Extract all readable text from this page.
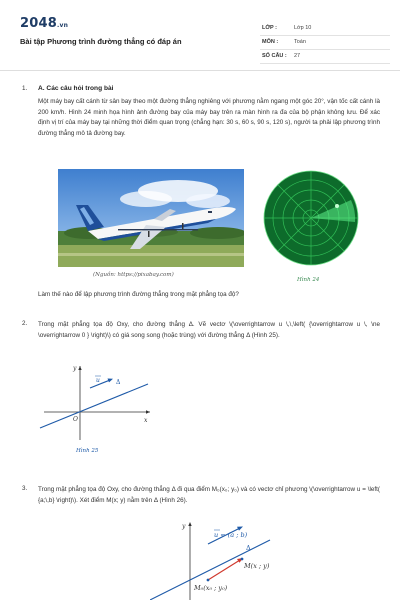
2048.vn
Bài tập Phương trình đường thẳng có đáp án
LỚP :	Lớp 10
MÔN :	Toán
SỐ CÂU : 27
1. A. Các câu hỏi trong bài
Một máy bay cất cánh từ sân bay theo một đường thẳng nghiêng với phương nằm ngang một góc 20°, vận tốc cất cánh là 200 km/h. Hình 24 minh họa hình ảnh đường bay của máy bay trên ra màn hình ra đa của bộ phận không lưu. Để xác định vị trí của máy bay tại những thời điểm quan trọng (chẳng hạn: 30 s, 60 s, 90 s, 120 s), người ta phải lập phương trình đường thẳng mô tả đường bay.
(Nguồn: https://pixabay.com)
Hình 24
Làm thế nào để lập phương trình đường thẳng trong mặt phẳng tọa độ?
2. Trong mặt phẳng tọa độ Oxy, cho đường thẳng Δ. Vẽ vectơ \(\overrightarrow u \,\,\left( {\overrightarrow u \, \ne \overrightarrow 0 } \right)\) có giá song song (hoặc trùng) với đường thẳng Δ (Hình 25).
y
x
O
u	Δ
Hình 25
3. Trong mặt phẳng tọa độ Oxy, cho đường thẳng Δ đi qua điểm M₀(x₀; y₀) và có vectơ chỉ phương \(\overrightarrow u = \left( {a;\,b} \right)\). Xét điểm M(x; y) nằm trên Δ (Hình 26).
y
u = (a ; b)
Δ
M(x ; y)
M₀(x₀ ; y₀)
